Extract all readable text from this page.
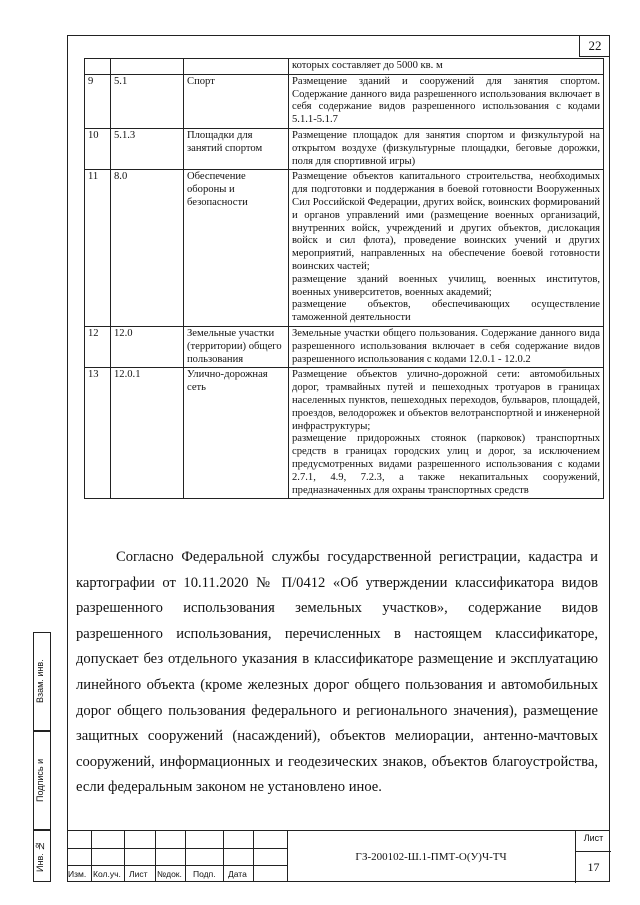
22
			которых составляет до 5000 кв. м
9	5.1	Спорт	Размещение зданий и сооружений для занятия спортом. Содержание данного вида разрешенного использования включает в себя содержание видов разрешенного использования с кодами 5.1.1-5.1.7

10	5.1.3	Площадки для занятий спортом	Размещение площадок для занятия спортом и физкультурой на открытом воздухе (физкультурные площадки, беговые дорожки, поля для спортивной игры)

11	8.0	Обеспечение обороны и безопасности	Размещение объектов капитального строительства, необходимых для подготовки и поддержания в боевой готовности Вооруженных Сил Российской Федерации, других войск, воинских формирований и органов управлений ими (размещение военных организаций, внутренних войск, учреждений и других объектов, дислокация войск и сил флота), проведение воинских учений и других мероприятий, направленных на обеспечение боевой готовности воинских частей;

размещение зданий военных училищ, военных институтов, военных университетов, военных академий;

размещение объектов, обеспечивающих осуществление таможенной деятельности

12	12.0	Земельные участки (территории) общего пользования	Земельные участки общего пользования. Содержание данного вида разрешенного использования включает в себя содержание видов разрешенного использования с кодами 12.0.1 - 12.0.2

13	12.0.1	Улично-дорожная сеть	Размещение объектов улично-дорожной сети: автомобильных дорог, трамвайных путей и пешеходных тротуаров в границах населенных пунктов, пешеходных переходов, бульваров, площадей, проездов, велодорожек и объектов велотранспортной и инженерной инфраструктуры;

размещение придорожных стоянок (парковок) транспортных средств в границах городских улиц и дорог, за исключением предусмотренных видами разрешенного использования с кодами 2.7.1, 4.9, 7.2.3, а также некапитальных сооружений, предназначенных для охраны транспортных средств

Согласно Федеральной службы государственной регистрации, кадастра и картографии от 10.11.2020 № П/0412 «Об утверждении классификатора видов разрешенного использования земельных участков», содержание видов разрешенного использования, перечисленных в настоящем классификаторе, допускает без отдельного указания в классификаторе размещение и эксплуатацию линейного объекта (кроме железных дорог общего пользования и автомобильных дорог общего пользования федерального и регионального значения), размещение защитных сооружений (насаждений), объектов мелиорации, антенно-мачтовых сооружений, информационных и геодезических знаков, объектов благоустройства, если федеральным законом не установлено иное.

Взам. инв.
Подпись и
Инв. №
Изм. Кол.уч. Лист №док. Подп. Дата
ГЗ-200102-Ш.1-ПМТ-О(У)Ч-ТЧ
Лист
17
